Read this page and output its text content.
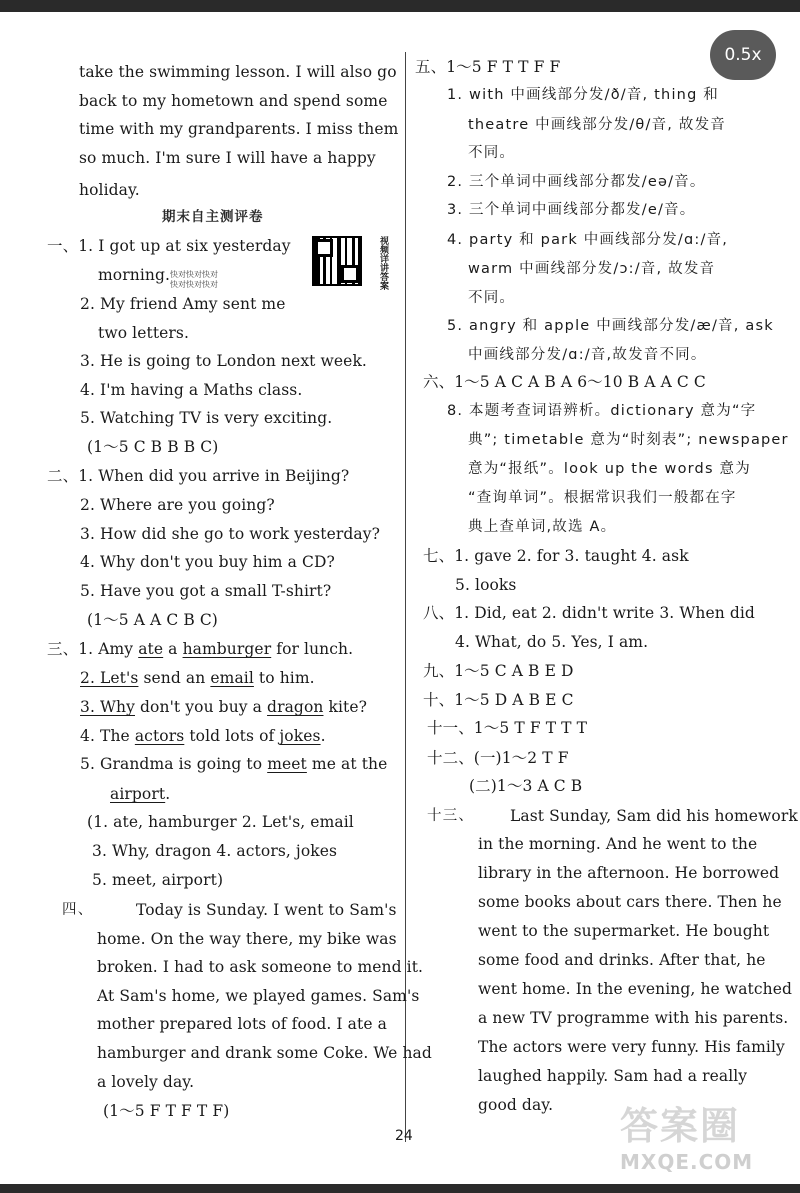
take the swimming lesson. I will also go
back to my hometown and spend some
time with my grandparents. I miss them
so much. I'm sure I will have a happy
holiday.
期末自主测评卷
一、1. I got up at six yesterday
morning. 快对快对快对
快对快对快对	视频详讲答案
2. My friend Amy sent me
two letters.
3. He is going to London next week.
4. I'm having a Maths class.
5. Watching TV is very exciting.
(1～5 C B B B C)
二、1. When did you arrive in Beijing?
2. Where are you going?
3. How did she go to work yesterday?
4. Why don't you buy him a CD?
5. Have you got a small T-shirt?
(1～5 A A C B C)
三、1. Amy ate a hamburger for lunch.
2. Let's send an email to him.
3. Why don't you buy a dragon kite?
4. The actors told lots of jokes.
5. Grandma is going to meet me at the
airport.
(1. ate, hamburger 2. Let's, email
3. Why, dragon 4. actors, jokes
5. meet, airport)
四、	Today is Sunday. I went to Sam's
home. On the way there, my bike was
broken. I had to ask someone to mend it.
At Sam's home, we played games. Sam's
mother prepared lots of food. I ate a
hamburger and drank some Coke. We had
a lovely day.
(1～5 F T F T F)
五、1～5 F T T F F
1. with 中画线部分发/ð/音, thing 和
theatre 中画线部分发/θ/音, 故发音
不同。
2. 三个单词中画线部分都发/eə/音。
3. 三个单词中画线部分都发/e/音。
4. party 和 park 中画线部分发/ɑ:/音,
warm 中画线部分发/ɔ:/音, 故发音
不同。
5. angry 和 apple 中画线部分发/æ/音, ask
中画线部分发/ɑ:/音,故发音不同。
六、1～5 A C A B A 6～10 B A A C C
8. 本题考查词语辨析。dictionary 意为“字
典”; timetable 意为“时刻表”; newspaper
意为“报纸”。look up the words 意为
“查询单词”。根据常识我们一般都在字
典上查单词,故选 A。
七、1. gave 2. for 3. taught 4. ask
5. looks
八、1. Did, eat 2. didn't write 3. When did
4. What, do 5. Yes, I am.
九、1～5 C A B E D
十、1～5 D A B E C
十一、1～5 T F T T T
十二、(一)1～2 T F
(二)1～3 A C B
十三、 Last Sunday, Sam did his homework
in the morning. And he went to the
library in the afternoon. He borrowed
some books about cars there. Then he
went to the supermarket. He bought
some food and drinks. After that, he
went home. In the evening, he watched
a new TV programme with his parents.
The actors were very funny. His family
laughed happily. Sam had a really
good day.
0.5x
24	答案圈
MXQE.COM
